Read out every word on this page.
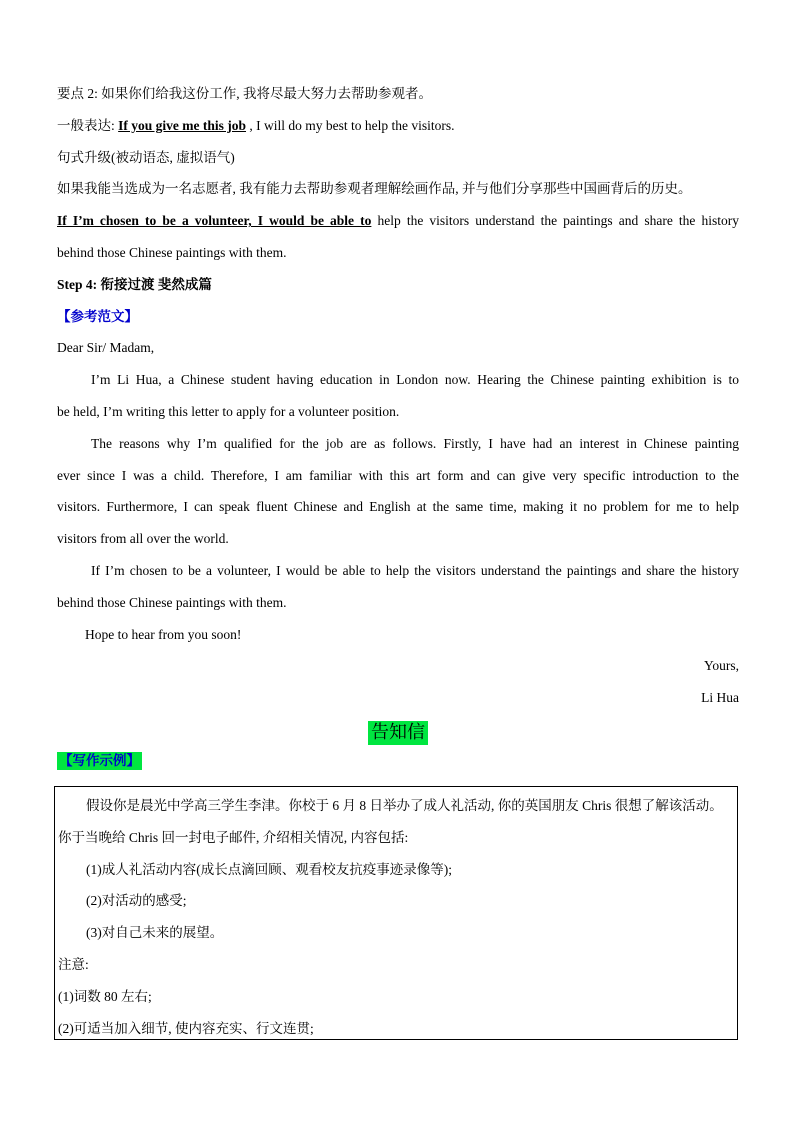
要点 2: 如果你们给我这份工作, 我将尽最大努力去帮助参观者。
一般表达: If you give me this job , I will do my best to help the visitors.
句式升级(被动语态, 虚拟语气)
如果我能当选成为一名志愿者, 我有能力去帮助参观者理解绘画作品, 并与他们分享那些中国画背后的历史。
If I’m chosen to be a volunteer, I would be able to help the visitors understand the paintings and share the history
behind those Chinese paintings with them.
Step 4: 衔接过渡 斐然成篇
【参考范文】
Dear Sir/ Madam,
I’m Li Hua, a Chinese student having education in London now. Hearing the Chinese painting exhibition is to
be held, I’m writing this letter to apply for a volunteer position.
The reasons why I’m qualified for the job are as follows. Firstly, I have had an interest in Chinese painting
ever since I was a child. Therefore, I am familiar with this art form and can give very specific introduction to the
visitors. Furthermore, I can speak fluent Chinese and English at the same time, making it no problem for me to help
visitors from all over the world.
If I’m chosen to be a volunteer, I would be able to help the visitors understand the paintings and share the history
behind those Chinese paintings with them.
Hope to hear from you soon!
Yours,
Li Hua
告知信
【写作示例】
假设你是晨光中学高三学生李津。你校于 6 月 8 日举办了成人礼活动, 你的英国朋友 Chris 很想了解该活动。
你于当晚给 Chris 回一封电子邮件, 介绍相关情况, 内容包括:
(1)成人礼活动内容(成长点滴回顾、观看校友抗疫事迹录像等);
(2)对活动的感受;
(3)对自己未来的展望。
注意:
(1)词数 80 左右;
(2)可适当加入细节, 使内容充实、行文连贯;
